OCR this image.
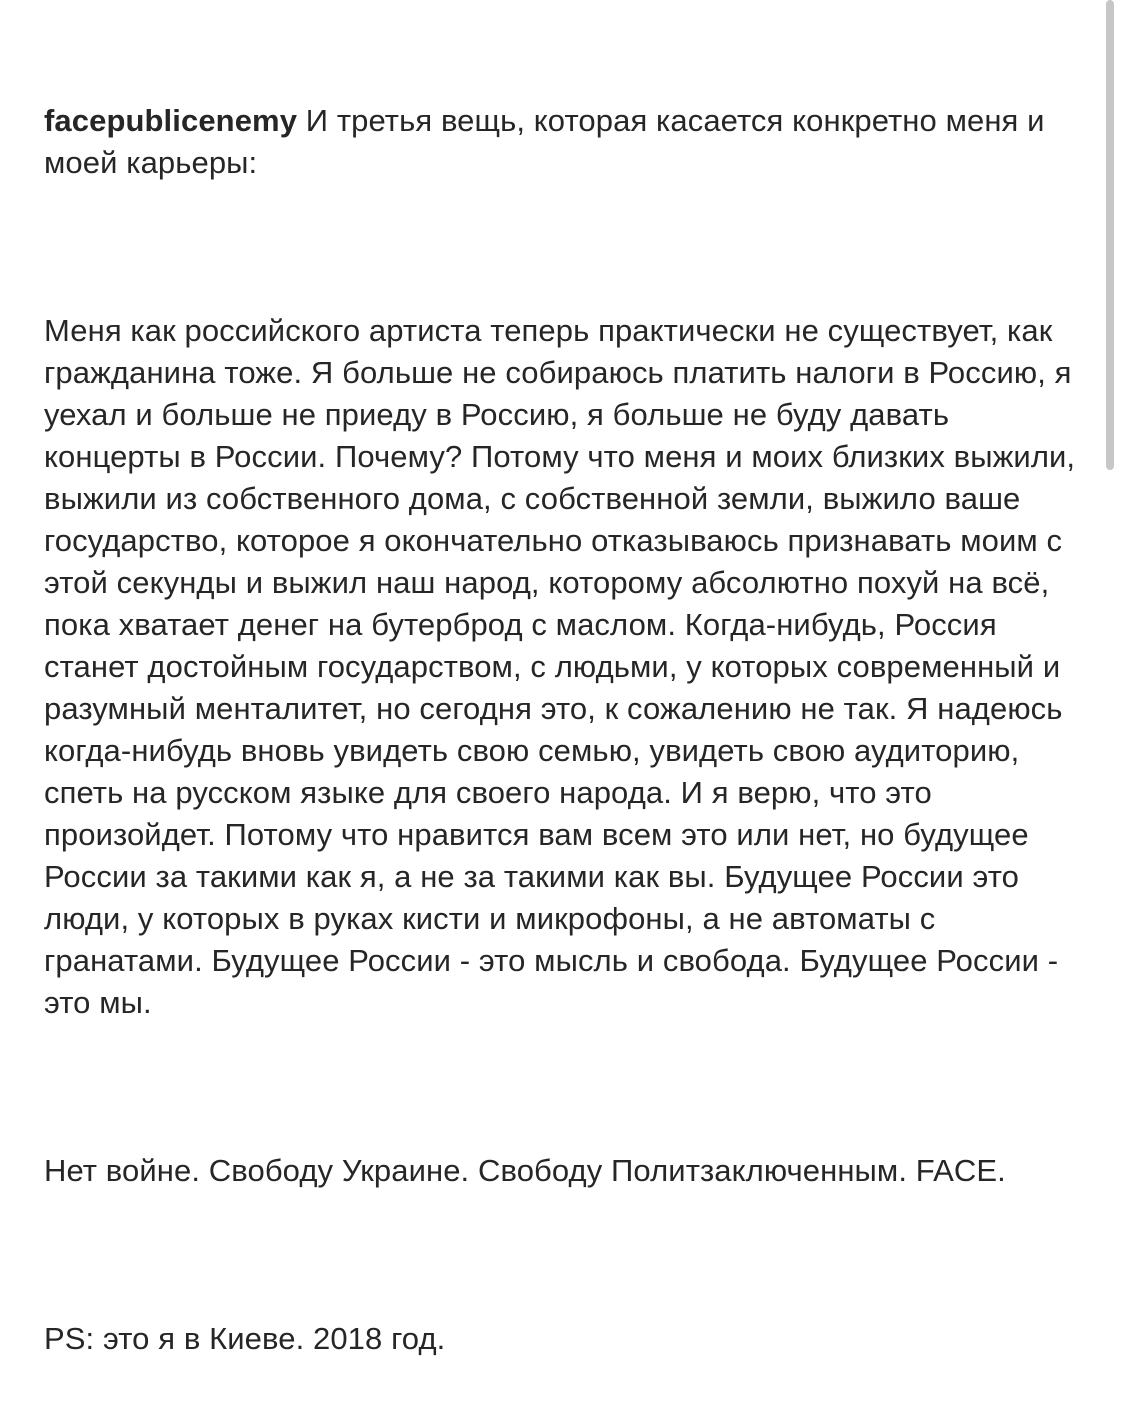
facepublicenemy И третья вещь, которая касается конкретно меня и моей карьеры:

Меня как российского артиста теперь практически не существует, как гражданина тоже. Я больше не собираюсь платить налоги в Россию, я уехал и больше не приеду в Россию, я больше не буду давать концерты в России. Почему? Потому что меня и моих близких выжили, выжили из собственного дома, с собственной земли, выжило ваше государство, которое я окончательно отказываюсь признавать моим с этой секунды и выжил наш народ, которому абсолютно похуй на всё, пока хватает денег на бутерброд с маслом. Когда-нибудь, Россия станет достойным государством, с людьми, у которых современный и разумный менталитет, но сегодня это, к сожалению не так. Я надеюсь когда-нибудь вновь увидеть свою семью, увидеть свою аудиторию, спеть на русском языке для своего народа. И я верю, что это произойдет. Потому что нравится вам всем это или нет, но будущее России за такими как я, а не за такими как вы. Будущее России это люди, у которых в руках кисти и микрофоны, а не автоматы с гранатами. Будущее России - это мысль и свобода. Будущее России - это мы.

Нет войне. Свободу Украине. Свободу Политзаключенным. FACE.

PS: это я в Киеве. 2018 год.
